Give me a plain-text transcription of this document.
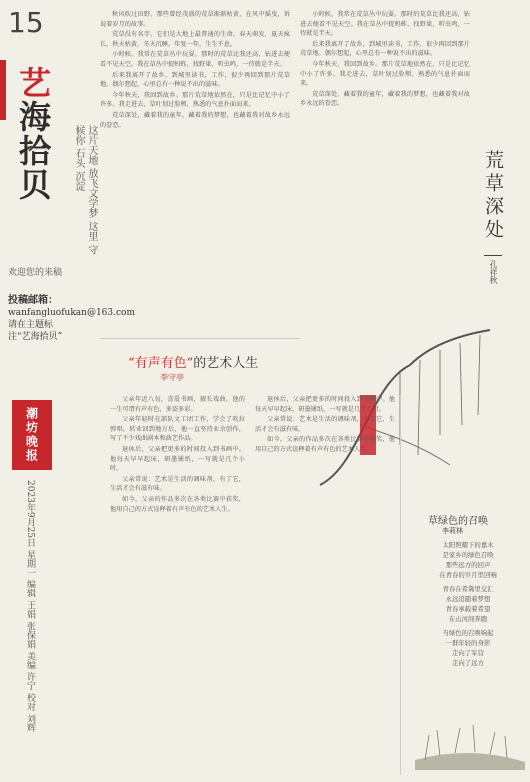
15
艺海拾贝	这片天地 放飞文学梦 这里 守候你 石头 沉淀
欢迎您的来稿
投稿邮箱：
wanfangluofukan@163.com
请在主题标注“艺海拾贝”
潮坊晚报
2023年9月25日 星期一 编辑 王娟 张保娟 美编 许宁 校对 刘辉

秋风吹过田野，那些曾经茂盛的荒草渐渐枯黄，在风中摇曳，诉说着岁月的故事。

荒草没有名字，它们是大地上最普通的生命。春天萌发，夏天疯长，秋天枯黄，冬天沉睡。年复一年，生生不息。

小时候，我常在荒草丛中玩耍。那时的荒草比我还高，钻进去便看不见天空。我在草丛中捉蚂蚱，找野果，听虫鸣，一待就是半天。

后来我离开了故乡，到城里读书，工作，很少再回到那片荒草地。偶尔想起，心里总有一种说不出的滋味。

今年秋天，我回到故乡。那片荒草地依然在，只是比记忆中小了许多。我走进去，草叶划过脸颊，熟悉的气息扑面而来。

荒草深处，藏着我的童年，藏着我的梦想，也藏着我对故乡永远的眷恋。

小时候，我常在荒草丛中玩耍。那时的荒草比我还高，钻进去便看不见天空。我在草丛中捉蚂蚱，找野果，听虫鸣，一待就是半天。

后来我离开了故乡，到城里读书，工作，很少再回到那片荒草地。偶尔想起，心里总有一种说不出的滋味。

今年秋天，我回到故乡。那片荒草地依然在，只是比记忆中小了许多。我走进去，草叶划过脸颊，熟悉的气息扑面而来。

荒草深处，藏着我的童年，藏着我的梦想，也藏着我对故乡永远的眷恋。

荒草深处
孔祥秋
“有声有色”的艺术人生
李守亭

父亲年近八旬，喜爱书画，擅长戏曲。他的一生可谓有声有色，多姿多彩。

父亲年轻时在部队文工团工作，学会了吹拉弹唱。转业回到地方后，他一直坚持业余创作，写了不少戏曲剧本和曲艺作品。

退休后，父亲把更多的时间投入到书画中。他每天早早起床，研墨铺纸，一写就是几个小时。

父亲常说：艺术是生活的调味剂，有了它，生活才会有滋有味。

如今，父亲的作品多次在各类比赛中获奖，他用自己的方式诠释着有声有色的艺术人生。

退休后，父亲把更多的时间投入到书画中。他每天早早起床，研墨铺纸，一写就是几个小时。

父亲常说：艺术是生活的调味剂，有了它，生活才会有滋有味。

如今，父亲的作品多次在各类比赛中获奖，他用自己的方式诠释着有声有色的艺术人生。

草绿色的召唤
李莉林
太阳照耀下的嘉木
是家乡的绿色召唤
那些远方的回声
在青春的岁月里回响
青春在希冀里交汇
永远追随着梦想
青春承载着希望
在山河间奔跑
当绿色的召唤响起
一群年轻的身影
走向了军营
走向了远方
